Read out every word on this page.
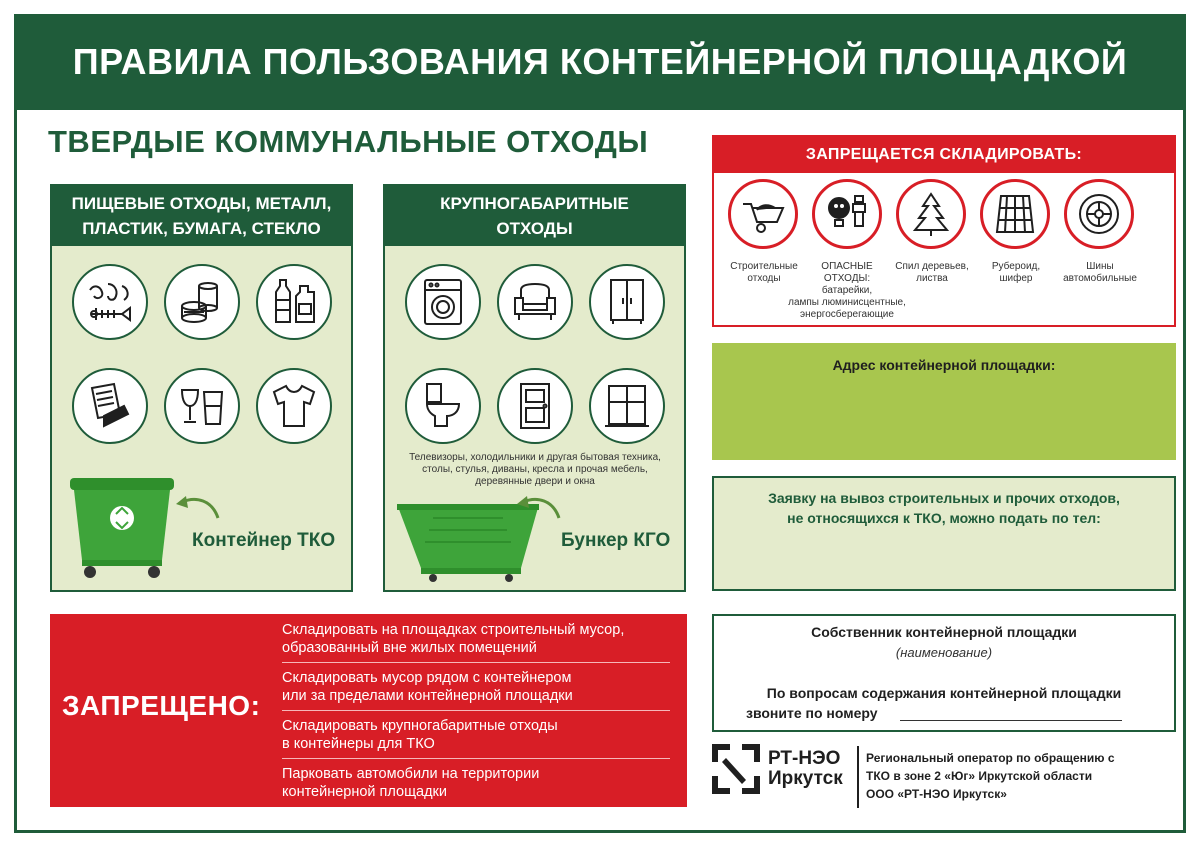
ПРАВИЛА ПОЛЬЗОВАНИЯ КОНТЕЙНЕРНОЙ ПЛОЩАДКОЙ
ТВЕРДЫЕ КОММУНАЛЬНЫЕ ОТХОДЫ
ПИЩЕВЫЕ ОТХОДЫ, МЕТАЛЛ,
ПЛАСТИК, БУМАГА, СТЕКЛО
Контейнер ТКО
КРУПНОГАБАРИТНЫЕ
ОТХОДЫ
Телевизоры, холодильники и другая бытовая техника,
столы, стулья, диваны, кресла и прочая мебель,
деревянные двери и окна
Бункер КГО
ЗАПРЕЩАЕТСЯ СКЛАДИРОВАТЬ:
Строительные
отходы
ОПАСНЫЕ
ОТХОДЫ:
батарейки,
лампы люминисцентные,
энергосберегающие
Спил деревьев,
листва
Рубероид,
шифер
Шины
автомобильные
Адрес контейнерной площадки:
Заявку на вывоз строительных и прочих отходов,
не относящихся к ТКО, можно подать по тел:
ЗАПРЕЩЕНО:
Складировать на площадках строительный мусор,
образованный вне жилых помещений
Складировать мусор рядом с контейнером
или за пределами контейнерной площадки
Складировать крупногабаритные отходы
в контейнеры для ТКО
Парковать автомобили на территории
контейнерной площадки
Собственник контейнерной площадки
(наименование)
По вопросам содержания контейнерной площадки
звоните по номеру
РТ-НЭО
Иркутск
Региональный оператор по обращению с
ТКО в зоне 2 «Юг» Иркутской области
ООО «РТ-НЭО Иркутск»
